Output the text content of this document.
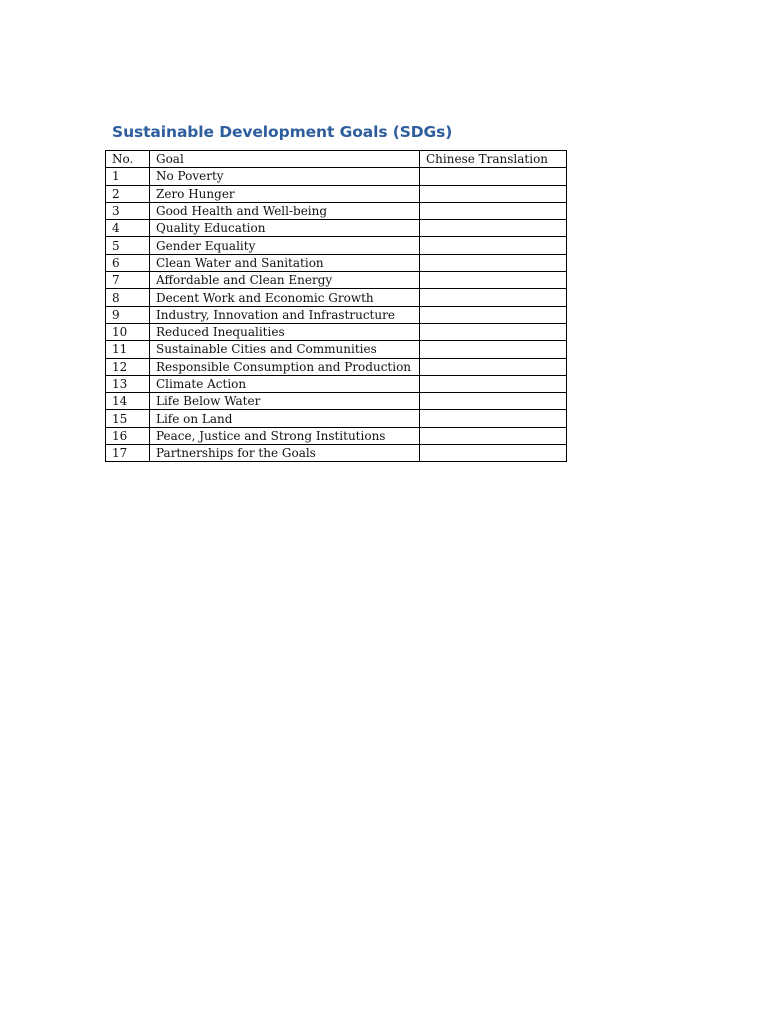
Sustainable Development Goals (SDGs)
No.	Goal	Chinese Translation
1	No Poverty	
2	Zero Hunger	
3	Good Health and Well-being	
4	Quality Education	
5	Gender Equality	
6	Clean Water and Sanitation	
7	Affordable and Clean Energy	
8	Decent Work and Economic Growth	
9	Industry, Innovation and Infrastructure	
10	Reduced Inequalities	
11	Sustainable Cities and Communities	
12	Responsible Consumption and Production	
13	Climate Action	
14	Life Below Water	
15	Life on Land	
16	Peace, Justice and Strong Institutions	
17	Partnerships for the Goals	
